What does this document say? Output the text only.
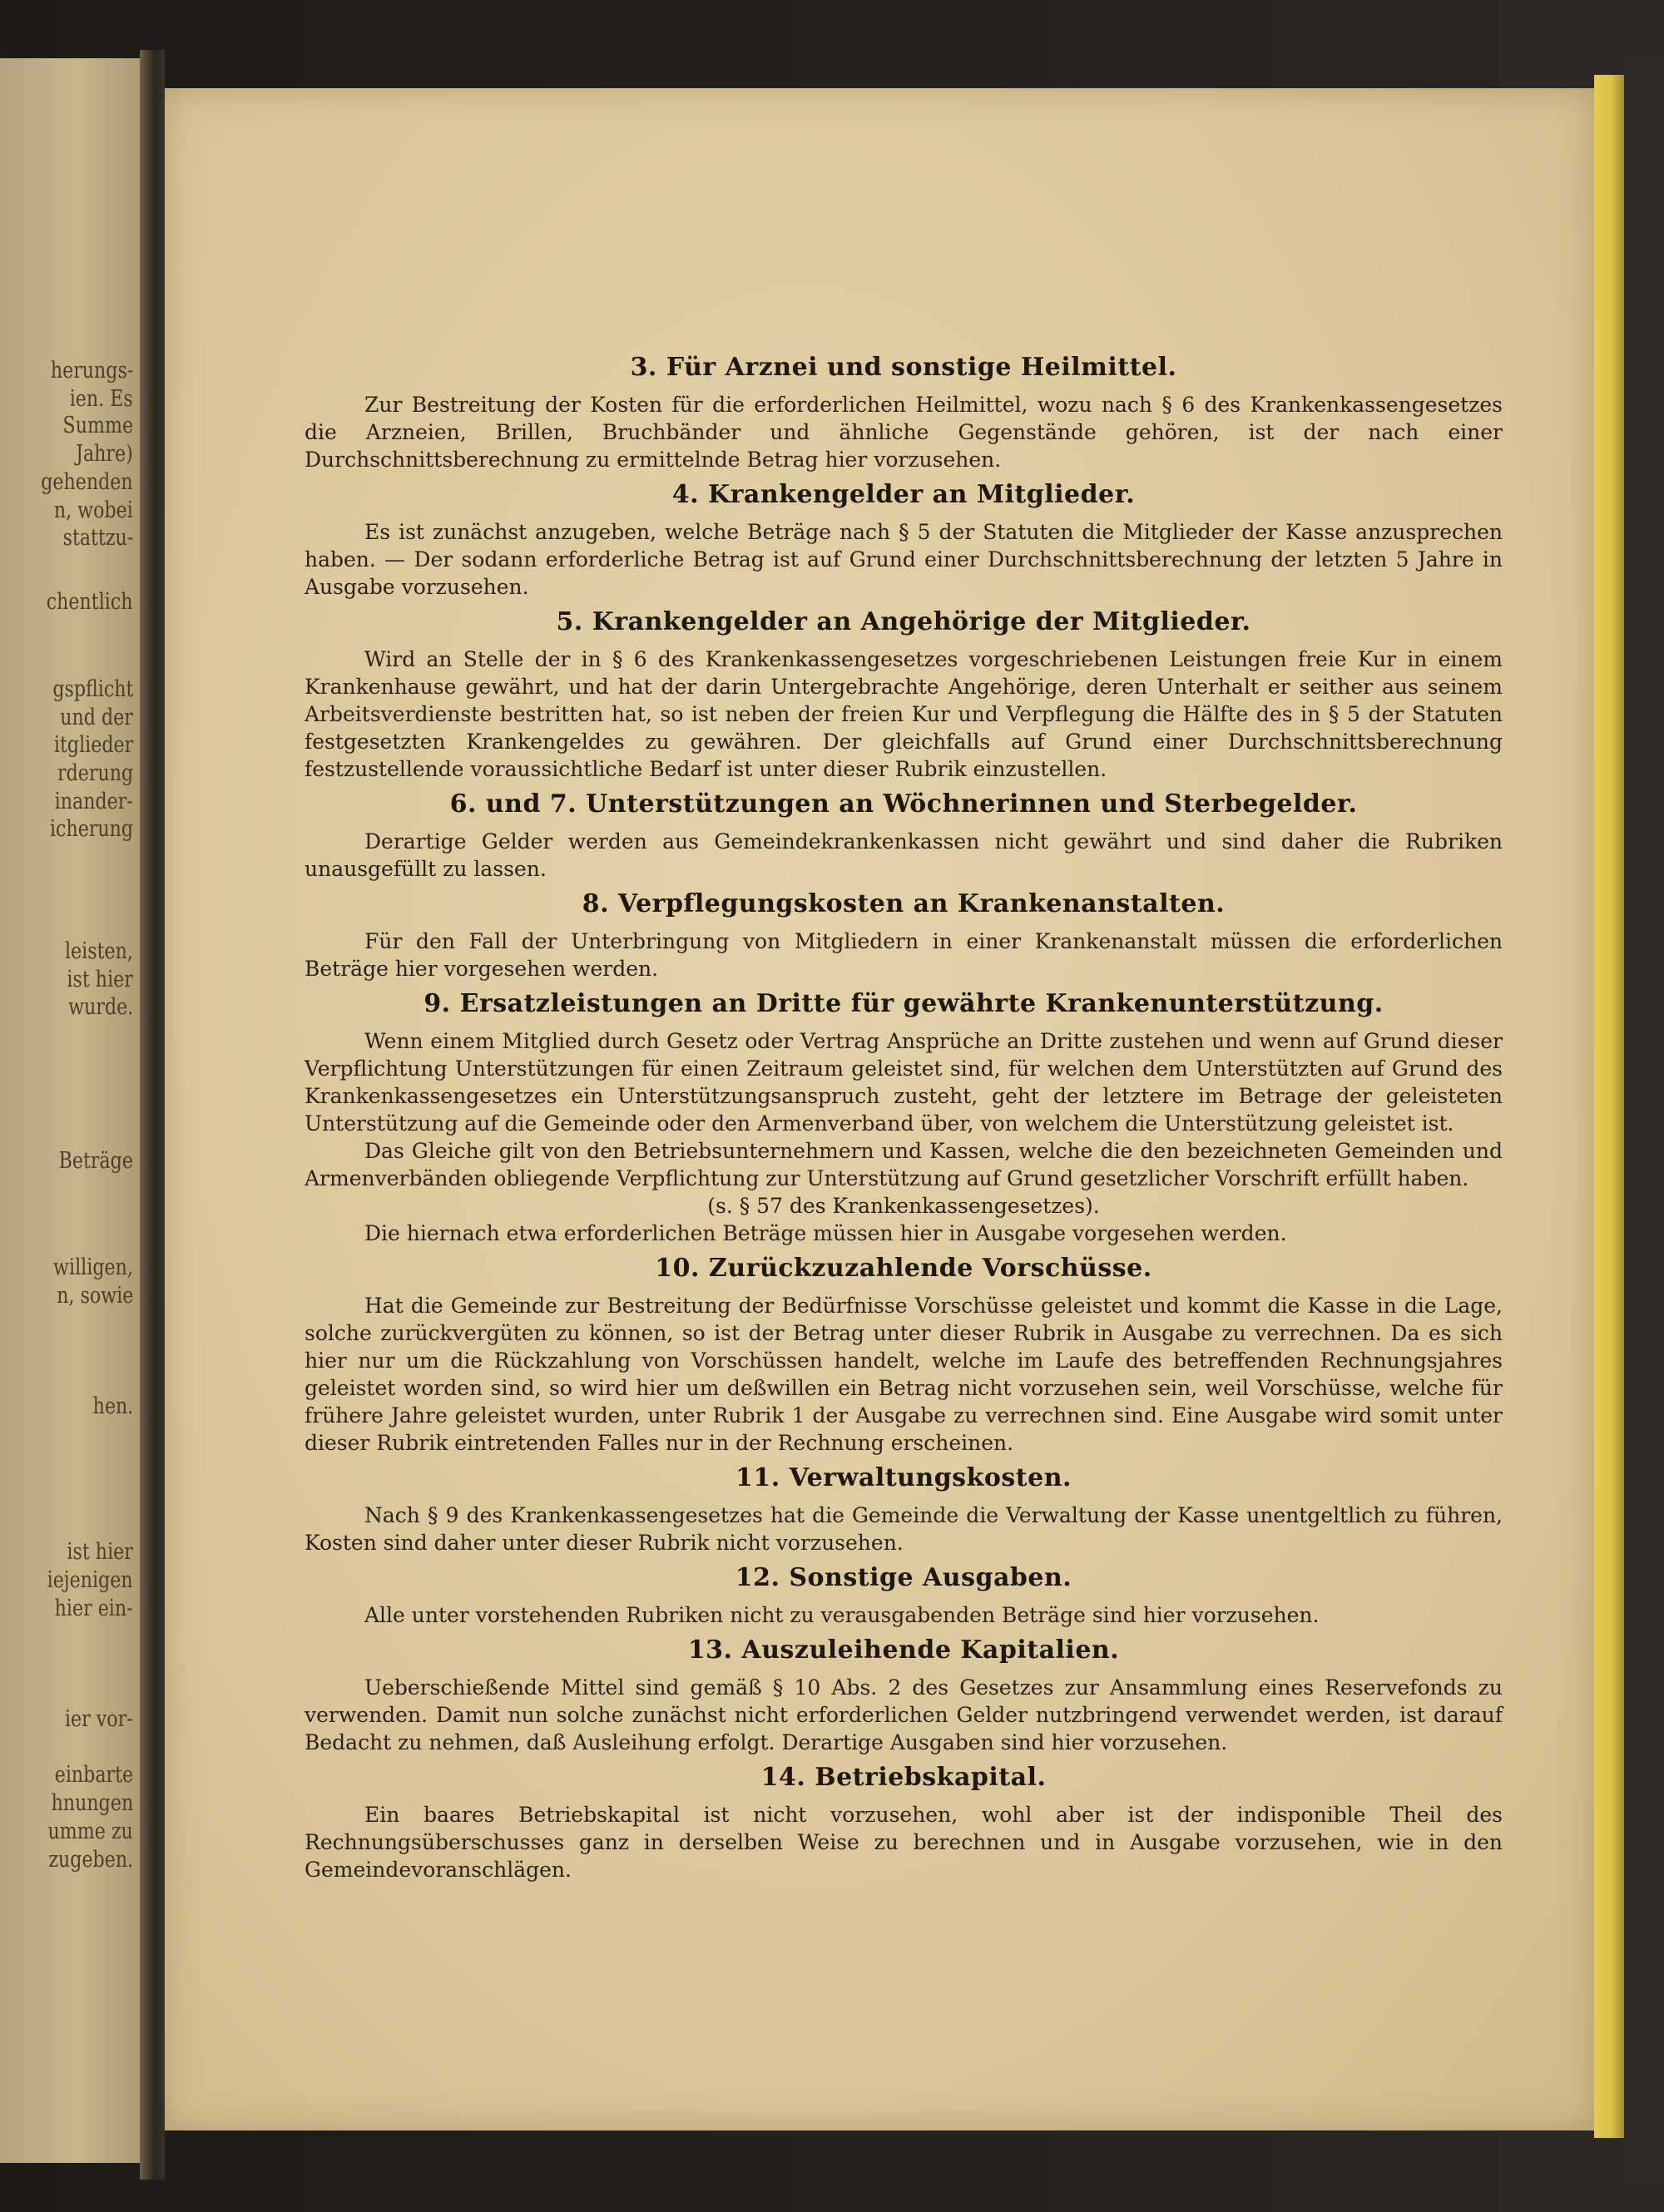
herungs-

ien. Es

Summe

Jahre)

gehenden

n, wobei

stattzu-

chentlich

gspflicht

und der

itglieder

rderung

inander-

icherung

leisten,

ist hier

wurde.

Beträge

willigen,

n, sowie

hen.

ist hier

iejenigen

hier ein-

ier vor-

einbarte

hnungen

umme zu

zugeben.

3. Für Arznei und sonstige Heilmittel.

Zur Bestreitung der Kosten für die erforderlichen Heilmittel, wozu nach § 6 des Krankenkassengesetzes die Arzneien, Brillen, Bruchbänder und ähnliche Gegenstände gehören, ist der nach einer Durchschnittsberechnung zu ermittelnde Betrag hier vorzusehen.

4. Krankengelder an Mitglieder.

Es ist zunächst anzugeben, welche Beträge nach § 5 der Statuten die Mitglieder der Kasse anzusprechen haben. — Der sodann erforderliche Betrag ist auf Grund einer Durchschnittsberechnung der letzten 5 Jahre in Ausgabe vorzusehen.

5. Krankengelder an Angehörige der Mitglieder.

Wird an Stelle der in § 6 des Krankenkassengesetzes vorgeschriebenen Leistungen freie Kur in einem Krankenhause gewährt, und hat der darin Untergebrachte Angehörige, deren Unterhalt er seither aus seinem Arbeitsverdienste bestritten hat, so ist neben der freien Kur und Verpflegung die Hälfte des in § 5 der Statuten festgesetzten Krankengeldes zu gewähren. Der gleichfalls auf Grund einer Durchschnittsberechnung festzustellende voraussichtliche Bedarf ist unter dieser Rubrik einzustellen.

6. und 7. Unterstützungen an Wöchnerinnen und Sterbegelder.

Derartige Gelder werden aus Gemeindekrankenkassen nicht gewährt und sind daher die Rubriken unausgefüllt zu lassen.

8. Verpflegungskosten an Krankenanstalten.

Für den Fall der Unterbringung von Mitgliedern in einer Krankenanstalt müssen die erforderlichen Beträge hier vorgesehen werden.

9. Ersatzleistungen an Dritte für gewährte Krankenunterstützung.

Wenn einem Mitglied durch Gesetz oder Vertrag Ansprüche an Dritte zustehen und wenn auf Grund dieser Verpflichtung Unterstützungen für einen Zeitraum geleistet sind, für welchen dem Unterstützten auf Grund des Krankenkassengesetzes ein Unterstützungsanspruch zusteht, geht der letztere im Betrage der geleisteten Unterstützung auf die Gemeinde oder den Armenverband über, von welchem die Unterstützung geleistet ist.

Das Gleiche gilt von den Betriebsunternehmern und Kassen, welche die den bezeichneten Gemeinden und Armenverbänden obliegende Verpflichtung zur Unterstützung auf Grund gesetzlicher Vorschrift erfüllt haben.

(s. § 57 des Krankenkassengesetzes).

Die hiernach etwa erforderlichen Beträge müssen hier in Ausgabe vorgesehen werden.

10. Zurückzuzahlende Vorschüsse.

Hat die Gemeinde zur Bestreitung der Bedürfnisse Vorschüsse geleistet und kommt die Kasse in die Lage, solche zurückvergüten zu können, so ist der Betrag unter dieser Rubrik in Ausgabe zu verrechnen. Da es sich hier nur um die Rückzahlung von Vorschüssen handelt, welche im Laufe des betreffenden Rechnungsjahres geleistet worden sind, so wird hier um deßwillen ein Betrag nicht vorzusehen sein, weil Vorschüsse, welche für frühere Jahre geleistet wurden, unter Rubrik 1 der Ausgabe zu verrechnen sind. Eine Ausgabe wird somit unter dieser Rubrik eintretenden Falles nur in der Rechnung erscheinen.

11. Verwaltungskosten.

Nach § 9 des Krankenkassengesetzes hat die Gemeinde die Verwaltung der Kasse unentgeltlich zu führen, Kosten sind daher unter dieser Rubrik nicht vorzusehen.

12. Sonstige Ausgaben.

Alle unter vorstehenden Rubriken nicht zu verausgabenden Beträge sind hier vorzusehen.

13. Auszuleihende Kapitalien.

Ueberschießende Mittel sind gemäß § 10 Abs. 2 des Gesetzes zur Ansammlung eines Reservefonds zu verwenden. Damit nun solche zunächst nicht erforderlichen Gelder nutzbringend verwendet werden, ist darauf Bedacht zu nehmen, daß Ausleihung erfolgt. Derartige Ausgaben sind hier vorzusehen.

14. Betriebskapital.

Ein baares Betriebskapital ist nicht vorzusehen, wohl aber ist der indisponible Theil des Rechnungsüberschusses ganz in derselben Weise zu berechnen und in Ausgabe vorzusehen, wie in den Gemeindevoranschlägen.
